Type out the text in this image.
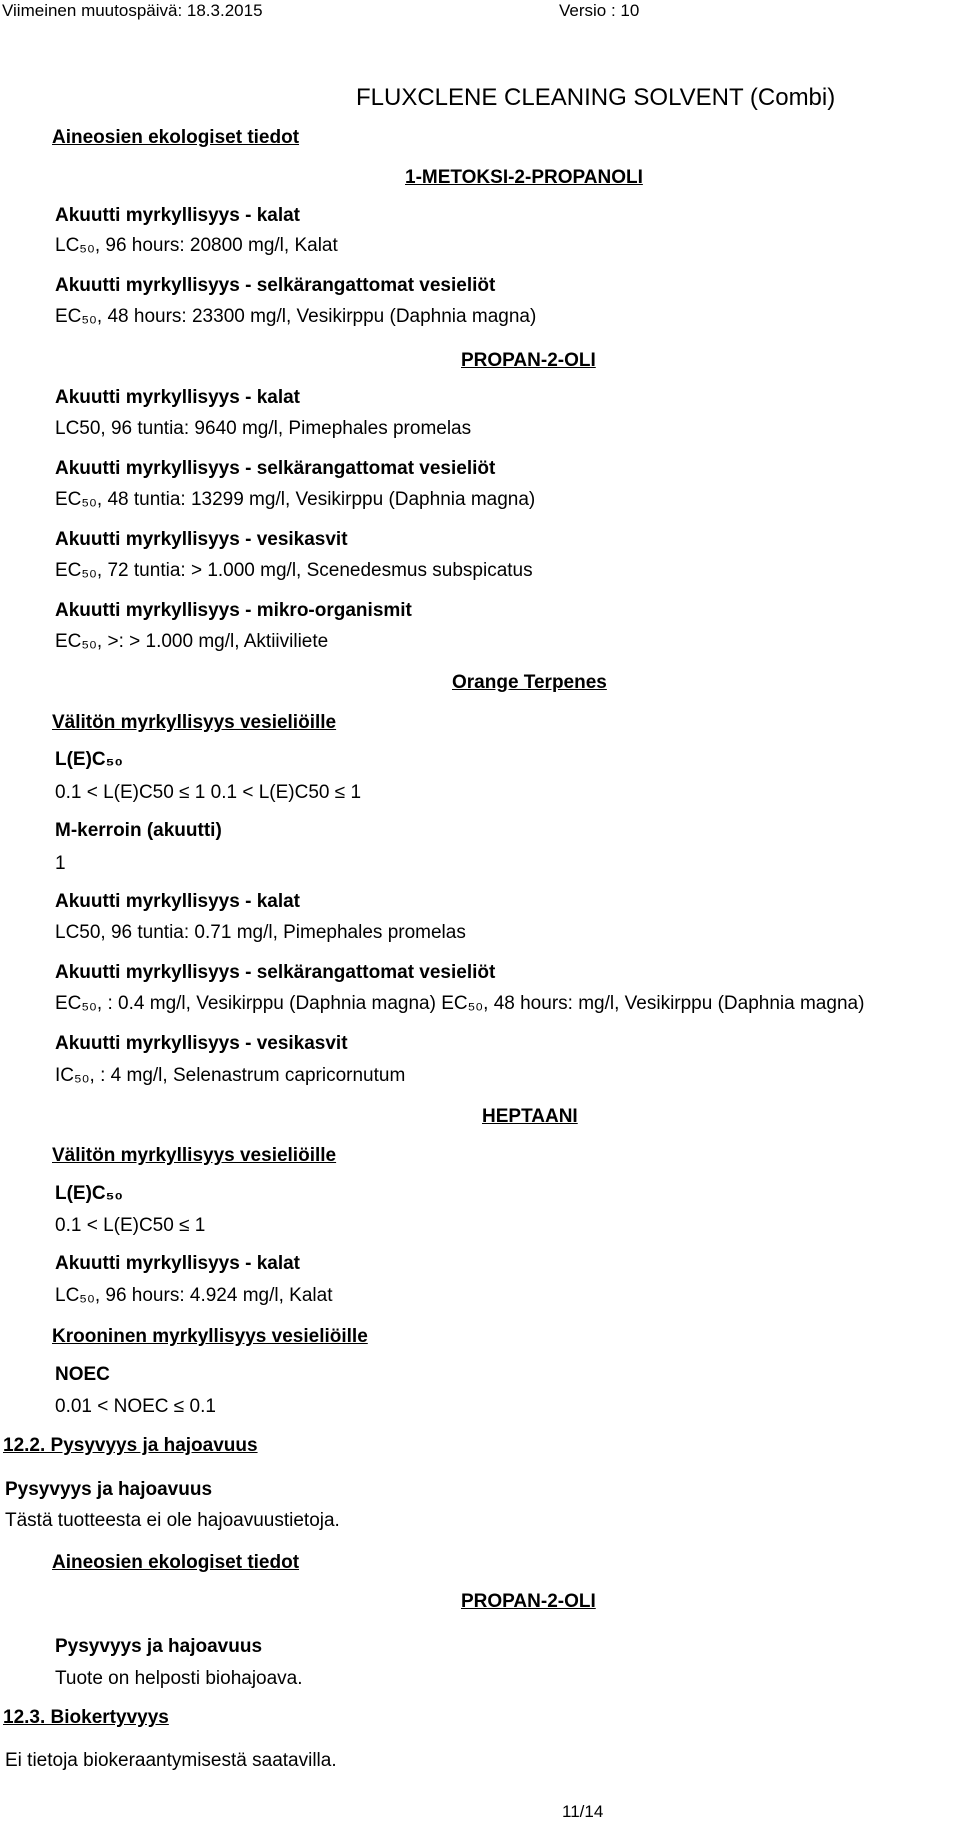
Viimeinen muutospäivä: 18.3.2015	Versio : 10
FLUXCLENE CLEANING SOLVENT (Combi)
Aineosien ekologiset tiedot
1-METOKSI-2-PROPANOLI
Akuutti myrkyllisyys - kalat
LC₅₀, 96 hours: 20800 mg/l, Kalat
Akuutti myrkyllisyys - selkärangattomat vesieliöt
EC₅₀, 48 hours: 23300 mg/l, Vesikirppu (Daphnia magna)
PROPAN-2-OLI
Akuutti myrkyllisyys - kalat
LC50, 96 tuntia: 9640 mg/l, Pimephales promelas
Akuutti myrkyllisyys - selkärangattomat vesieliöt
EC₅₀, 48 tuntia: 13299 mg/l, Vesikirppu (Daphnia magna)
Akuutti myrkyllisyys - vesikasvit
EC₅₀, 72 tuntia: > 1.000 mg/l, Scenedesmus subspicatus
Akuutti myrkyllisyys - mikro-organismit
EC₅₀, >: > 1.000 mg/l, Aktiiviliete
Orange Terpenes
Välitön myrkyllisyys vesieliöille
L(E)C₅₀
0.1 < L(E)C50 ≤ 1 0.1 < L(E)C50 ≤ 1
M-kerroin (akuutti)
1
Akuutti myrkyllisyys - kalat
LC50, 96 tuntia: 0.71 mg/l, Pimephales promelas
Akuutti myrkyllisyys - selkärangattomat vesieliöt
EC₅₀, : 0.4 mg/l, Vesikirppu (Daphnia magna) EC₅₀, 48 hours: mg/l, Vesikirppu (Daphnia magna)
Akuutti myrkyllisyys - vesikasvit
IC₅₀, : 4 mg/l, Selenastrum capricornutum
HEPTAANI
Välitön myrkyllisyys vesieliöille
L(E)C₅₀
0.1 < L(E)C50 ≤ 1
Akuutti myrkyllisyys - kalat
LC₅₀, 96 hours: 4.924 mg/l, Kalat
Krooninen myrkyllisyys vesieliöille
NOEC
0.01 < NOEC ≤ 0.1
12.2. Pysyvyys ja hajoavuus
Pysyvyys ja hajoavuus
Tästä tuotteesta ei ole hajoavuustietoja.
Aineosien ekologiset tiedot
PROPAN-2-OLI
Pysyvyys ja hajoavuus
Tuote on helposti biohajoava.
12.3. Biokertyvyys
Ei tietoja biokeraantymisestä saatavilla.
11/14
